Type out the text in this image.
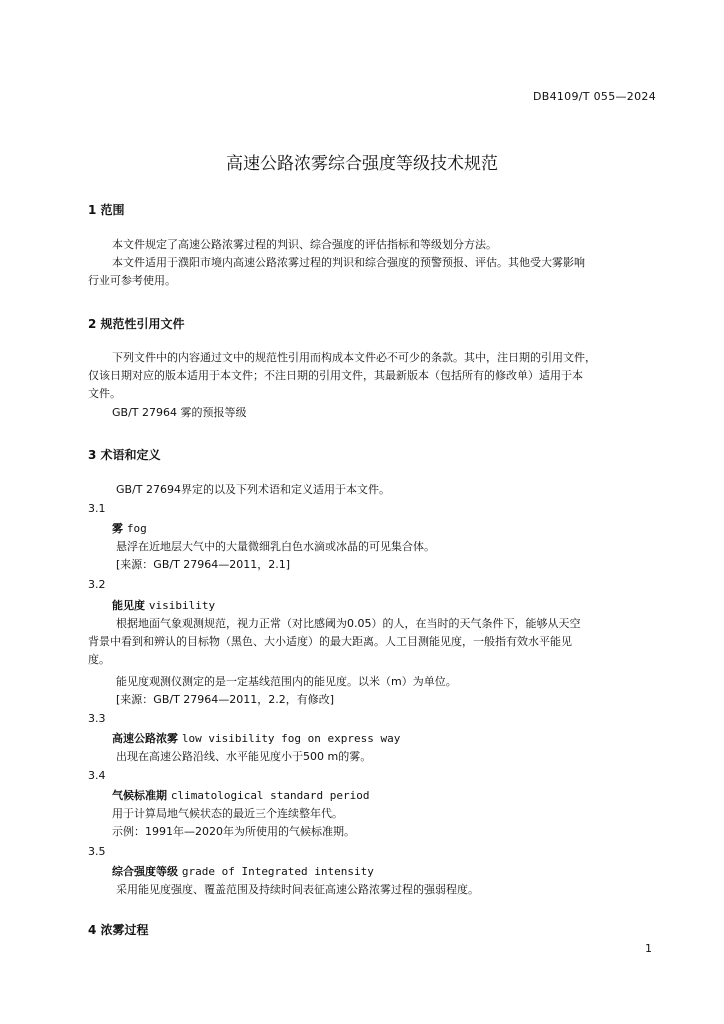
DB4109/T 055—2024
高速公路浓雾综合强度等级技术规范
1 范围
本文件规定了高速公路浓雾过程的判识、综合强度的评估指标和等级划分方法。
本文件适用于濮阳市境内高速公路浓雾过程的判识和综合强度的预警预报、评估。其他受大雾影响
行业可参考使用。
2 规范性引用文件
下列文件中的内容通过文中的规范性引用而构成本文件必不可少的条款。其中，注日期的引用文件，
仅该日期对应的版本适用于本文件；不注日期的引用文件，其最新版本（包括所有的修改单）适用于本
文件。
GB/T 27964 雾的预报等级
3 术语和定义
GB/T 27694界定的以及下列术语和定义适用于本文件。
3.1
雾 fog
悬浮在近地层大气中的大量微细乳白色水滴或冰晶的可见集合体。
[来源：GB/T 27964—2011，2.1]
3.2
能见度 visibility
根据地面气象观测规范，视力正常（对比感阈为0.05）的人，在当时的天气条件下，能够从天空
背景中看到和辨认的目标物（黑色、大小适度）的最大距离。人工目测能见度，一般指有效水平能见
度。
能见度观测仪测定的是一定基线范围内的能见度。以米（m）为单位。
[来源：GB/T 27964—2011，2.2，有修改]
3.3
高速公路浓雾 low visibility fog on express way
出现在高速公路沿线、水平能见度小于500 m的雾。
3.4
气候标准期 climatological standard period
用于计算局地气候状态的最近三个连续整年代。
示例：1991年—2020年为所使用的气候标准期。
3.5
综合强度等级 grade of Integrated intensity
采用能见度强度、覆盖范围及持续时间表征高速公路浓雾过程的强弱程度。
4 浓雾过程
1
